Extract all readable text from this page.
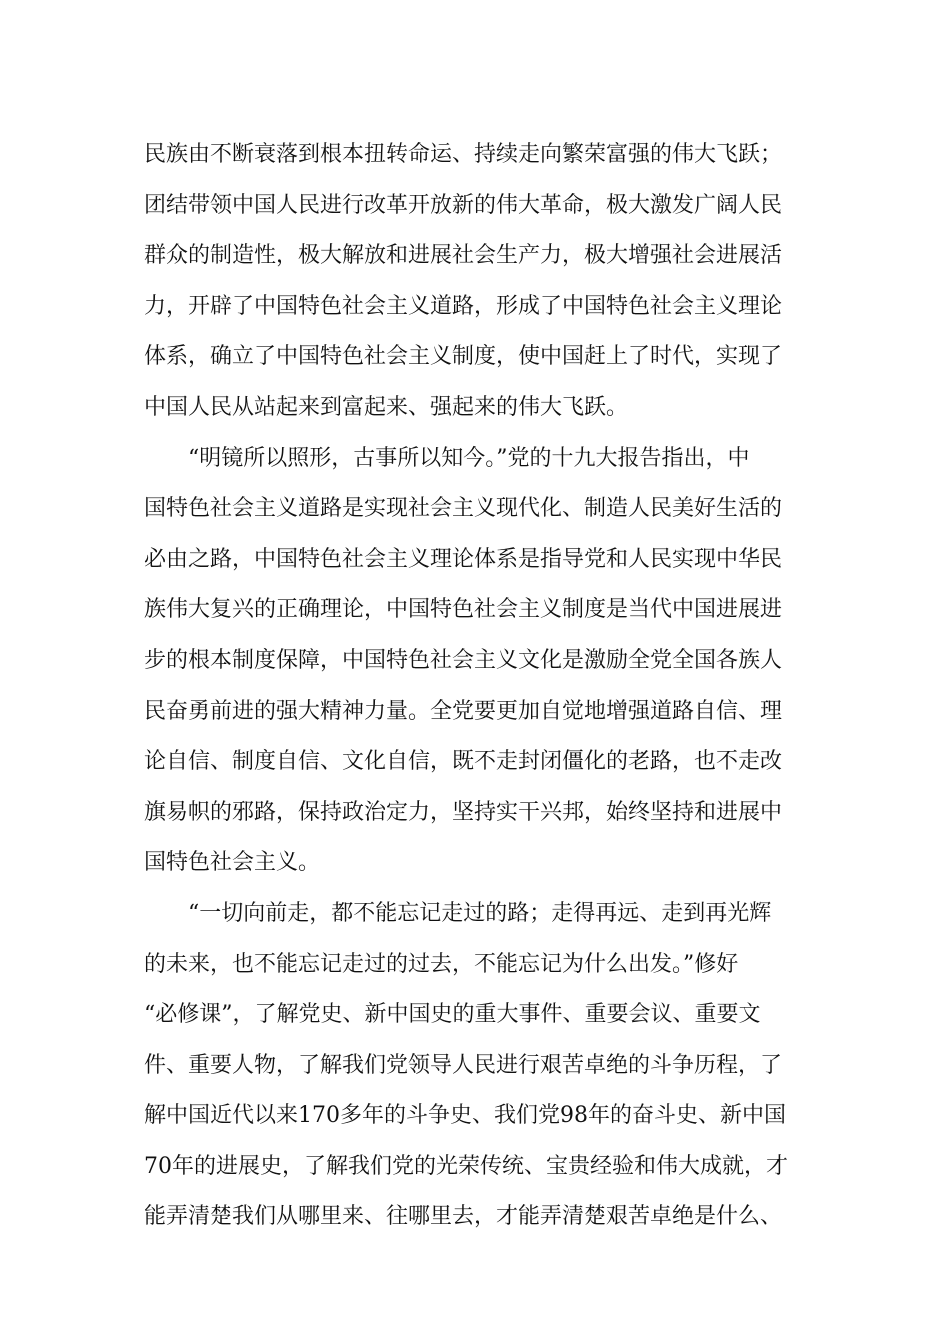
民族由不断衰落到根本扭转命运、持续走向繁荣富强的伟大飞跃；
团结带领中国人民进行改革开放新的伟大革命，极大激发广阔人民
群众的制造性，极大解放和进展社会生产力，极大增强社会进展活
力，开辟了中国特色社会主义道路，形成了中国特色社会主义理论
体系，确立了中国特色社会主义制度，使中国赶上了时代，实现了
中国人民从站起来到富起来、强起来的伟大飞跃。
“明镜所以照形，古事所以知今。”党的十九大报告指出，中
国特色社会主义道路是实现社会主义现代化、制造人民美好生活的
必由之路，中国特色社会主义理论体系是指导党和人民实现中华民
族伟大复兴的正确理论，中国特色社会主义制度是当代中国进展进
步的根本制度保障，中国特色社会主义文化是激励全党全国各族人
民奋勇前进的强大精神力量。全党要更加自觉地增强道路自信、理
论自信、制度自信、文化自信，既不走封闭僵化的老路，也不走改
旗易帜的邪路，保持政治定力，坚持实干兴邦，始终坚持和进展中
国特色社会主义。
“一切向前走，都不能忘记走过的路；走得再远、走到再光辉
的未来，也不能忘记走过的过去，不能忘记为什么出发。”修好
“必修课”，了解党史、新中国史的重大事件、重要会议、重要文
件、重要人物，了解我们党领导人民进行艰苦卓绝的斗争历程，了
解中国近代以来170多年的斗争史、我们党98年的奋斗史、新中国
70年的进展史，了解我们党的光荣传统、宝贵经验和伟大成就，才
能弄清楚我们从哪里来、往哪里去，才能弄清楚艰苦卓绝是什么、
